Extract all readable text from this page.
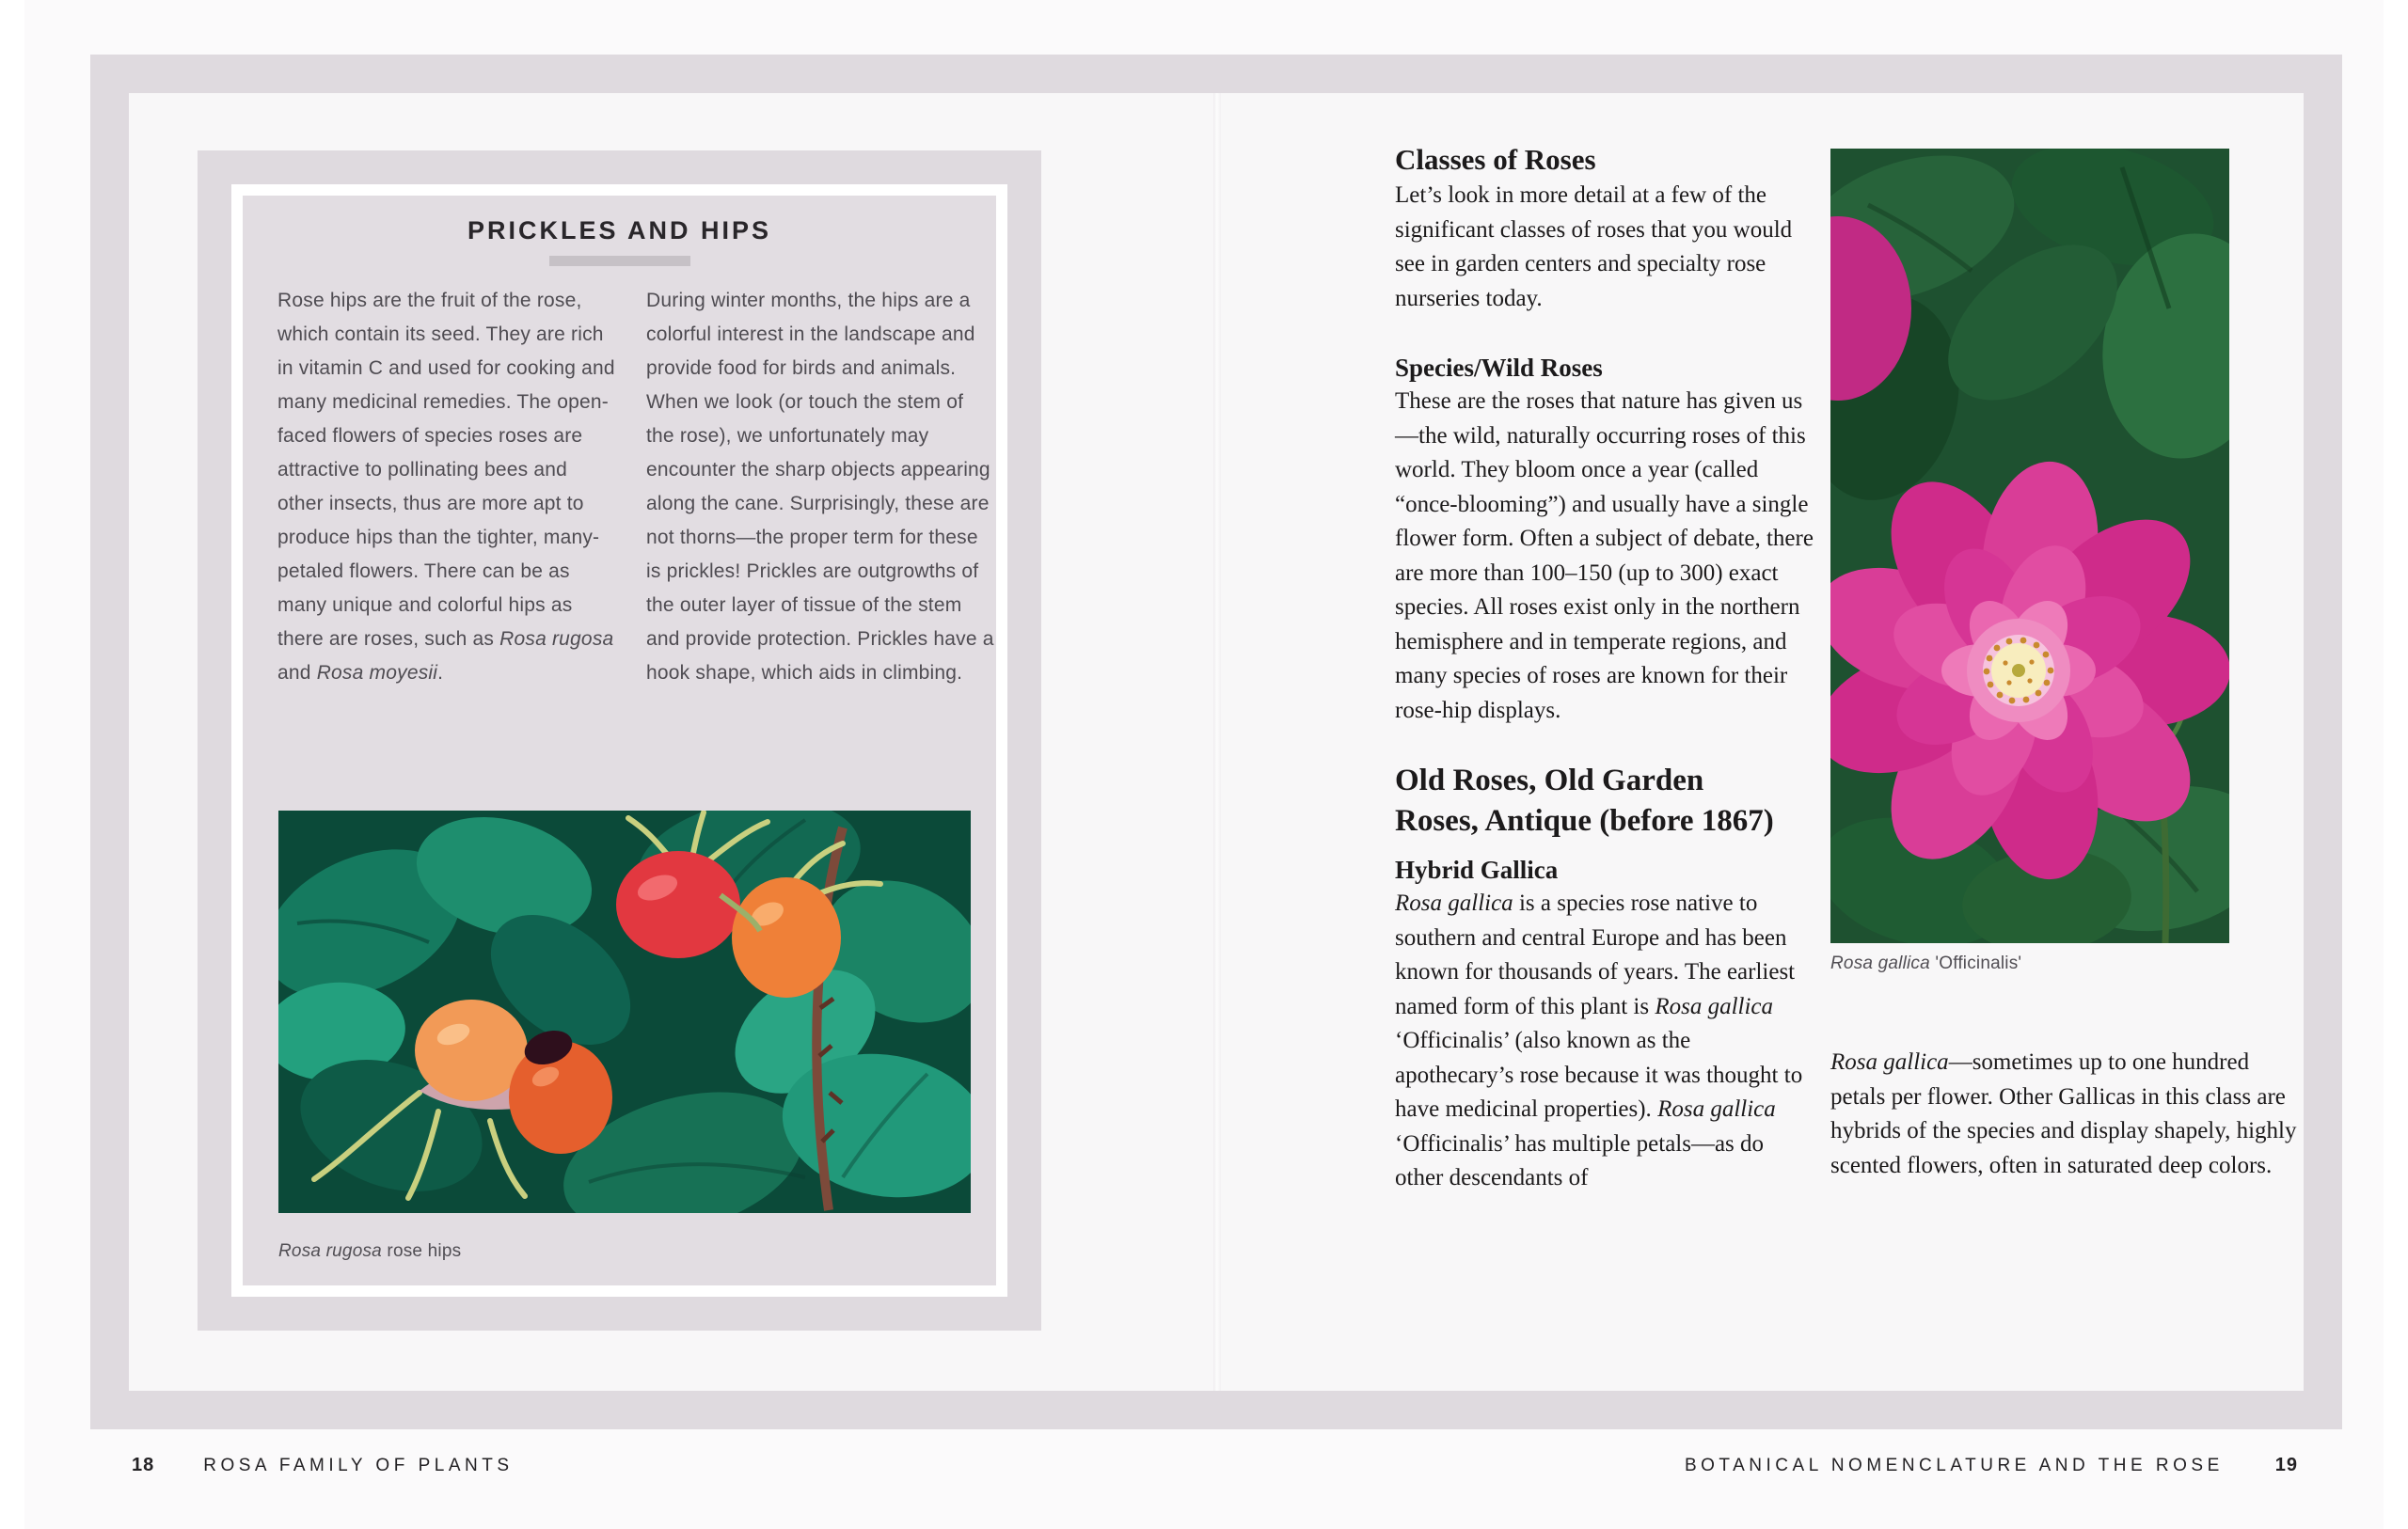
PRICKLES AND HIPS
Rose hips are the fruit of the rose, which contain its seed. They are rich in vitamin C and used for cooking and many medicinal remedies. The open-faced flowers of species roses are attractive to pollinating bees and other insects, thus are more apt to produce hips than the tighter, many-petaled flowers. There can be as many unique and colorful hips as there are roses, such as Rosa rugosa and Rosa moyesii.
During winter months, the hips are a colorful interest in the landscape and provide food for birds and animals. When we look (or touch the stem of the rose), we unfortunately may encounter the sharp objects appearing along the cane. Surprisingly, these are not thorns—the proper term for these is prickles! Prickles are outgrowths of the outer layer of tissue of the stem and provide protection. Prickles have a hook shape, which aids in climbing.
Rosa rugosa rose hips
Classes of Roses

Let’s look in more detail at a few of the significant classes of roses that you would see in garden centers and specialty rose nurseries today.

Species/Wild Roses

These are the roses that nature has given us—the wild, naturally occurring roses of this world. They bloom once a year (called “once-blooming”) and usually have a single flower form. Often a subject of debate, there are more than 100–150 (up to 300) exact species. All roses exist only in the northern hemisphere and in temperate regions, and many species of roses are known for their rose-hip displays.

Old Roses, Old Garden Roses, Antique (before 1867)
Hybrid Gallica

Rosa gallica is a species rose native to southern and central Europe and has been known for thousands of years. The earliest named form of this plant is Rosa gallica ‘Officinalis’ (also known as the apothecary’s rose because it was thought to have medicinal properties). Rosa gallica ‘Officinalis’ has multiple petals—as do other descendants of

Rosa gallica 'Officinalis'

Rosa gallica—sometimes up to one hundred petals per flower. Other Gallicas in this class are hybrids of the species and display shapely, highly scented flowers, often in saturated deep colors.

18	ROSA FAMILY OF PLANTS	BOTANICAL NOMENCLATURE AND THE ROSE	19
